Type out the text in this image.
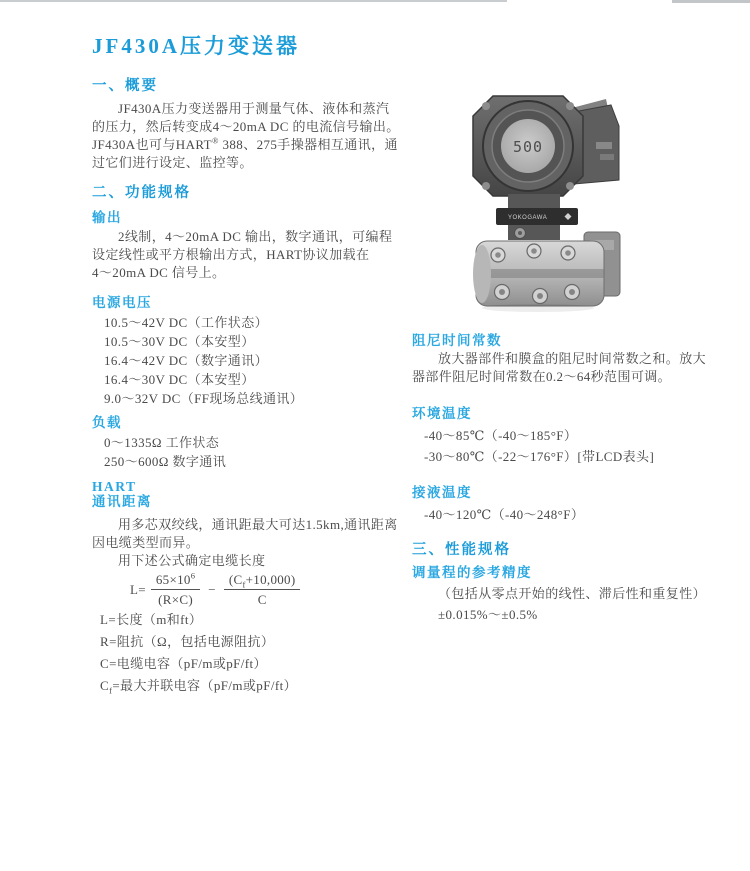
JF430A压力变送器
一、概要
JF430A压力变送器用于测量气体、液体和蒸汽
的压力，然后转变成4～20mA DC 的电流信号输出。
JF430A也可与HART® 388、275手操器相互通讯，通
过它们进行设定、监控等。
二、功能规格
输出
2线制，4～20mA DC 输出，数字通讯，可编程
设定线性或平方根输出方式，HART协议加载在
4～20mA DC 信号上。
电源电压
10.5～42V DC（工作状态）
10.5～30V DC（本安型）
16.4～42V DC（数字通讯）
16.4～30V DC（本安型）
9.0～32V DC（FF现场总线通讯）
负载
0～1335Ω 工作状态
250～600Ω 数字通讯
HART
通讯距离
用多芯双绞线，通讯距最大可达1.5km,通讯距离
因电缆类型而异。
用下述公式确定电缆长度
$L= \frac{65\times 10^6}{(R\times C)} - \frac{(C_f+10,000)}{C}$
L=长度（m和ft）
R=阻抗（Ω，包括电源阻抗）
C=电缆电容（pF/m或pF/ft）
$C_f=$最大并联电容（pF/m或pF/ft）
500
YOKOGAWA
阻尼时间常数
放大器部件和膜盒的阻尼时间常数之和。放大
器部件阻尼时间常数在0.2～64秒范围可调。
环境温度
-40～85℃（-40～185°F）
-30～80℃（-22～176°F）[带LCD表头]
接液温度
-40～120℃（-40～248°F）
三、性能规格
调量程的参考精度
（包括从零点开始的线性、滞后性和重复性）
±0.015%～±0.5%
